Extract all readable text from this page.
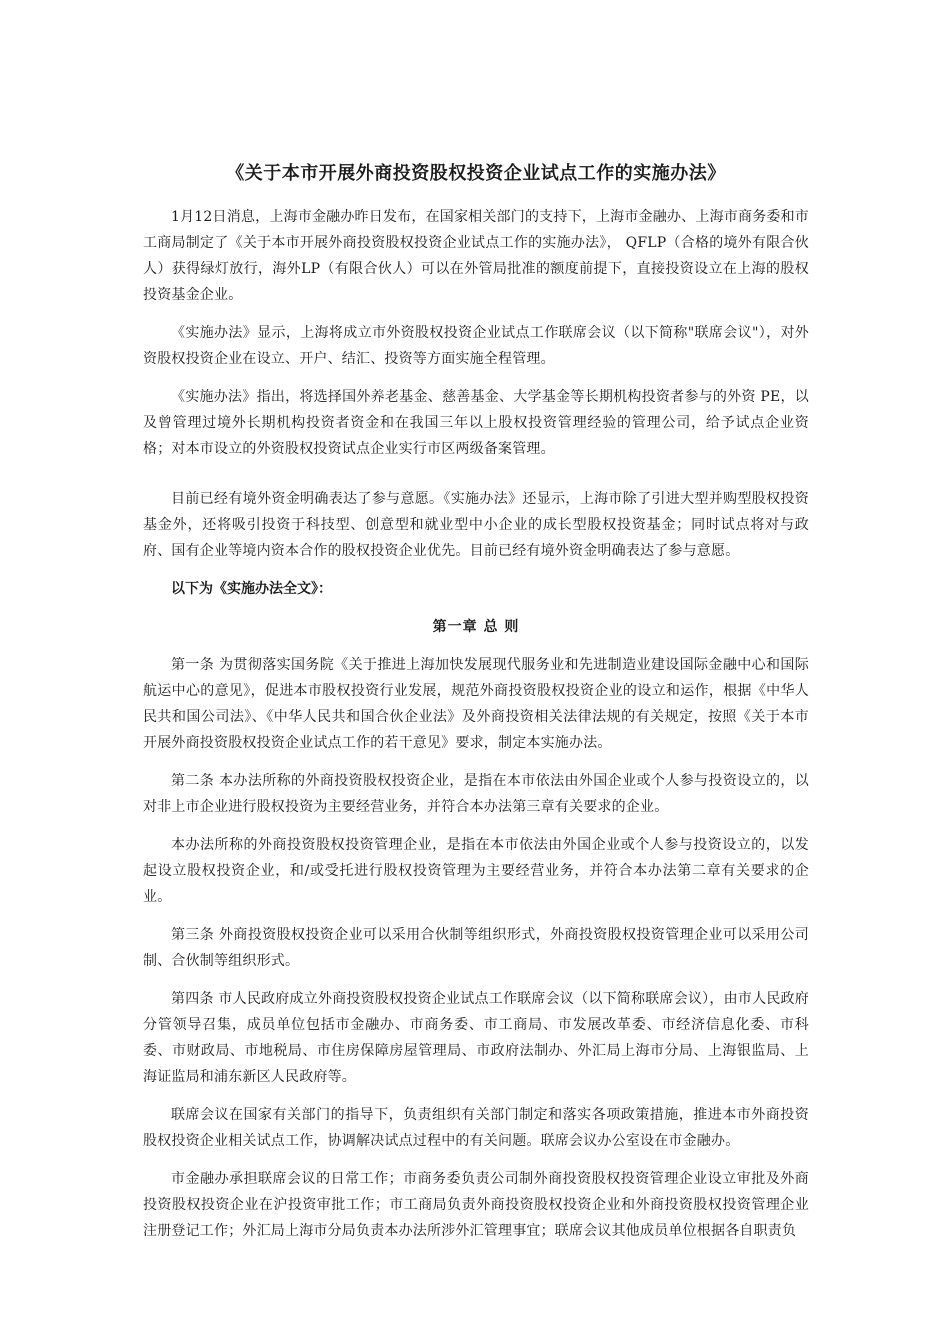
《关于本市开展外商投资股权投资企业试点工作的实施办法》

1月12日消息，上海市金融办昨日发布，在国家相关部门的支持下，上海市金融办、上海市商务委和市工商局制定了《关于本市开展外商投资股权投资企业试点工作的实施办法》， QFLP（合格的境外有限合伙人）获得绿灯放行，海外LP（有限合伙人）可以在外管局批准的额度前提下，直接投资设立在上海的股权投资基金企业。

《实施办法》显示，上海将成立市外资股权投资企业试点工作联席会议（以下简称"联席会议"），对外资股权投资企业在设立、开户、结汇、投资等方面实施全程管理。

《实施办法》指出，将选择国外养老基金、慈善基金、大学基金等长期机构投资者参与的外资 PE，以及曾管理过境外长期机构投资者资金和在我国三年以上股权投资管理经验的管理公司，给予试点企业资格；对本市设立的外资股权投资试点企业实行市区两级备案管理。

目前已经有境外资金明确表达了参与意愿。《实施办法》还显示，上海市除了引进大型并购型股权投资基金外，还将吸引投资于科技型、创意型和就业型中小企业的成长型股权投资基金；同时试点将对与政府、国有企业等境内资本合作的股权投资企业优先。目前已经有境外资金明确表达了参与意愿。

以下为《实施办法全文》：

第一章 总 则

第一条 为贯彻落实国务院《关于推进上海加快发展现代服务业和先进制造业建设国际金融中心和国际航运中心的意见》，促进本市股权投资行业发展，规范外商投资股权投资企业的设立和运作，根据《中华人民共和国公司法》、《中华人民共和国合伙企业法》及外商投资相关法律法规的有关规定，按照《关于本市开展外商投资股权投资企业试点工作的若干意见》要求，制定本实施办法。

第二条 本办法所称的外商投资股权投资企业，是指在本市依法由外国企业或个人参与投资设立的，以对非上市企业进行股权投资为主要经营业务，并符合本办法第三章有关要求的企业。

本办法所称的外商投资股权投资管理企业，是指在本市依法由外国企业或个人参与投资设立的，以发起设立股权投资企业，和/或受托进行股权投资管理为主要经营业务，并符合本办法第二章有关要求的企业。

第三条 外商投资股权投资企业可以采用合伙制等组织形式，外商投资股权投资管理企业可以采用公司制、合伙制等组织形式。

第四条 市人民政府成立外商投资股权投资企业试点工作联席会议（以下简称联席会议），由市人民政府分管领导召集，成员单位包括市金融办、市商务委、市工商局、市发展改革委、市经济信息化委、市科委、市财政局、市地税局、市住房保障房屋管理局、市政府法制办、外汇局上海市分局、上海银监局、上海证监局和浦东新区人民政府等。

联席会议在国家有关部门的指导下，负责组织有关部门制定和落实各项政策措施，推进本市外商投资股权投资企业相关试点工作，协调解决试点过程中的有关问题。联席会议办公室设在市金融办。

市金融办承担联席会议的日常工作；市商务委负责公司制外商投资股权投资管理企业设立审批及外商投资股权投资企业在沪投资审批工作；市工商局负责外商投资股权投资企业和外商投资股权投资管理企业注册登记工作；外汇局上海市分局负责本办法所涉外汇管理事宜；联席会议其他成员单位根据各自职责负
